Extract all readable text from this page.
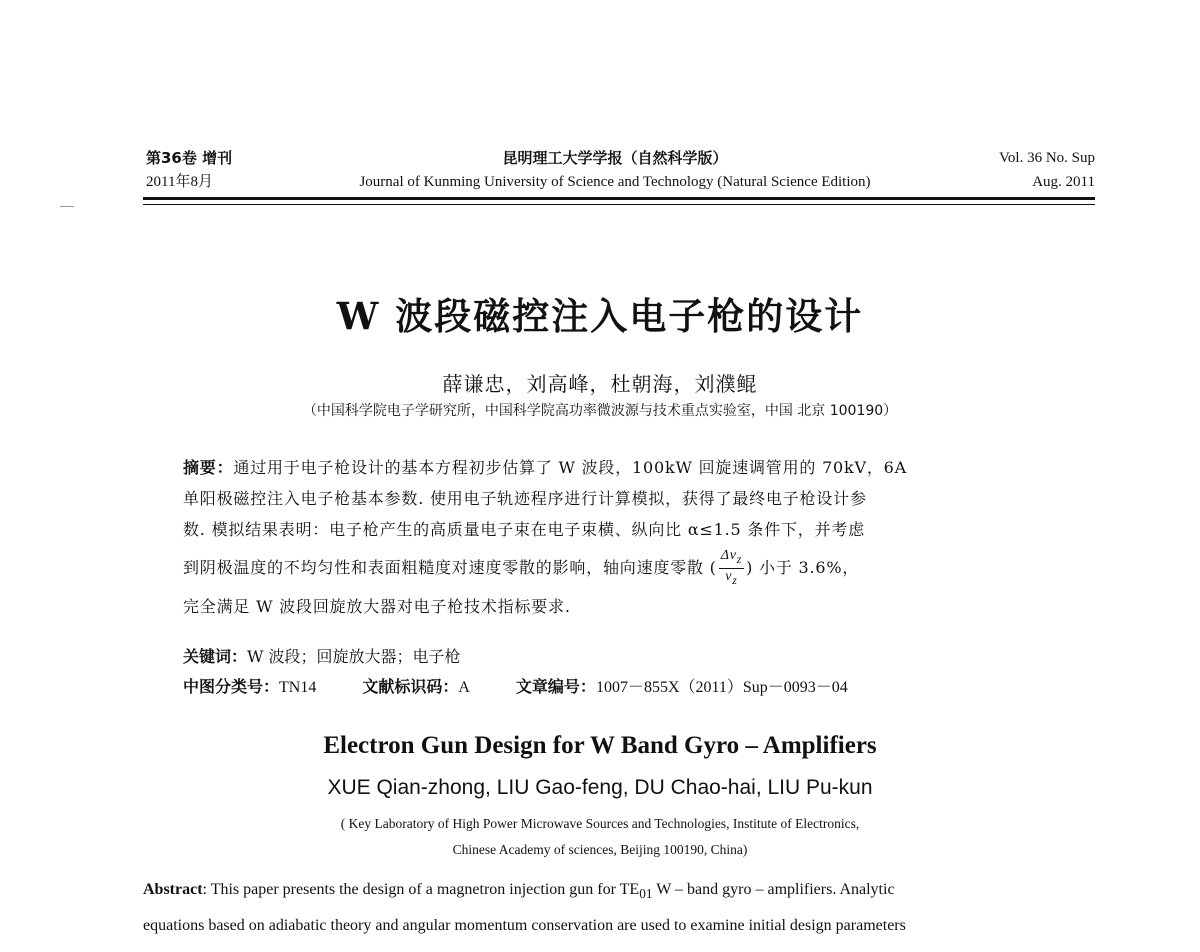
第36卷 增刊
2011年8月
昆明理工大学学报（自然科学版）
Journal of Kunming University of Science and Technology (Natural Science Edition)
Vol. 36 No. Sup
Aug. 2011
W 波段磁控注入电子枪的设计
薛谦忠，刘高峰，杜朝海，刘濮鲲
（中国科学院电子学研究所，中国科学院高功率微波源与技术重点实验室，中国 北京 100190）
摘要：通过用于电子枪设计的基本方程初步估算了 W 波段，100kW 回旋速调管用的 70kV，6A
单阳极磁控注入电子枪基本参数. 使用电子轨迹程序进行计算模拟，获得了最终电子枪设计参
数. 模拟结果表明：电子枪产生的高质量电子束在电子束横、纵向比 α≤1.5 条件下，并考虑
到阴极温度的不均匀性和表面粗糙度对速度零散的影响，轴向速度零散 ( $\frac{\Delta v_z}{v_z}$ ) 小于 3.6%，
完全满足 W 波段回旋放大器对电子枪技术指标要求.
关键词：W 波段；回旋放大器；电子枪
中图分类号：TN14	文献标识码：A	文章编号：1007－855X（2011）Sup－0093－04
Electron Gun Design for W Band Gyro – Amplifiers
XUE Qian-zhong, LIU Gao-feng, DU Chao-hai, LIU Pu-kun
( Key Laboratory of High Power Microwave Sources and Technologies, Institute of Electronics,
Chinese Academy of sciences, Beijing 100190, China)
Abstract: This paper presents the design of a magnetron injection gun for $TE_{01}$ W – band gyro – amplifiers. Analytic
equations based on adiabatic theory and angular momentum conservation are used to examine initial design parameters
